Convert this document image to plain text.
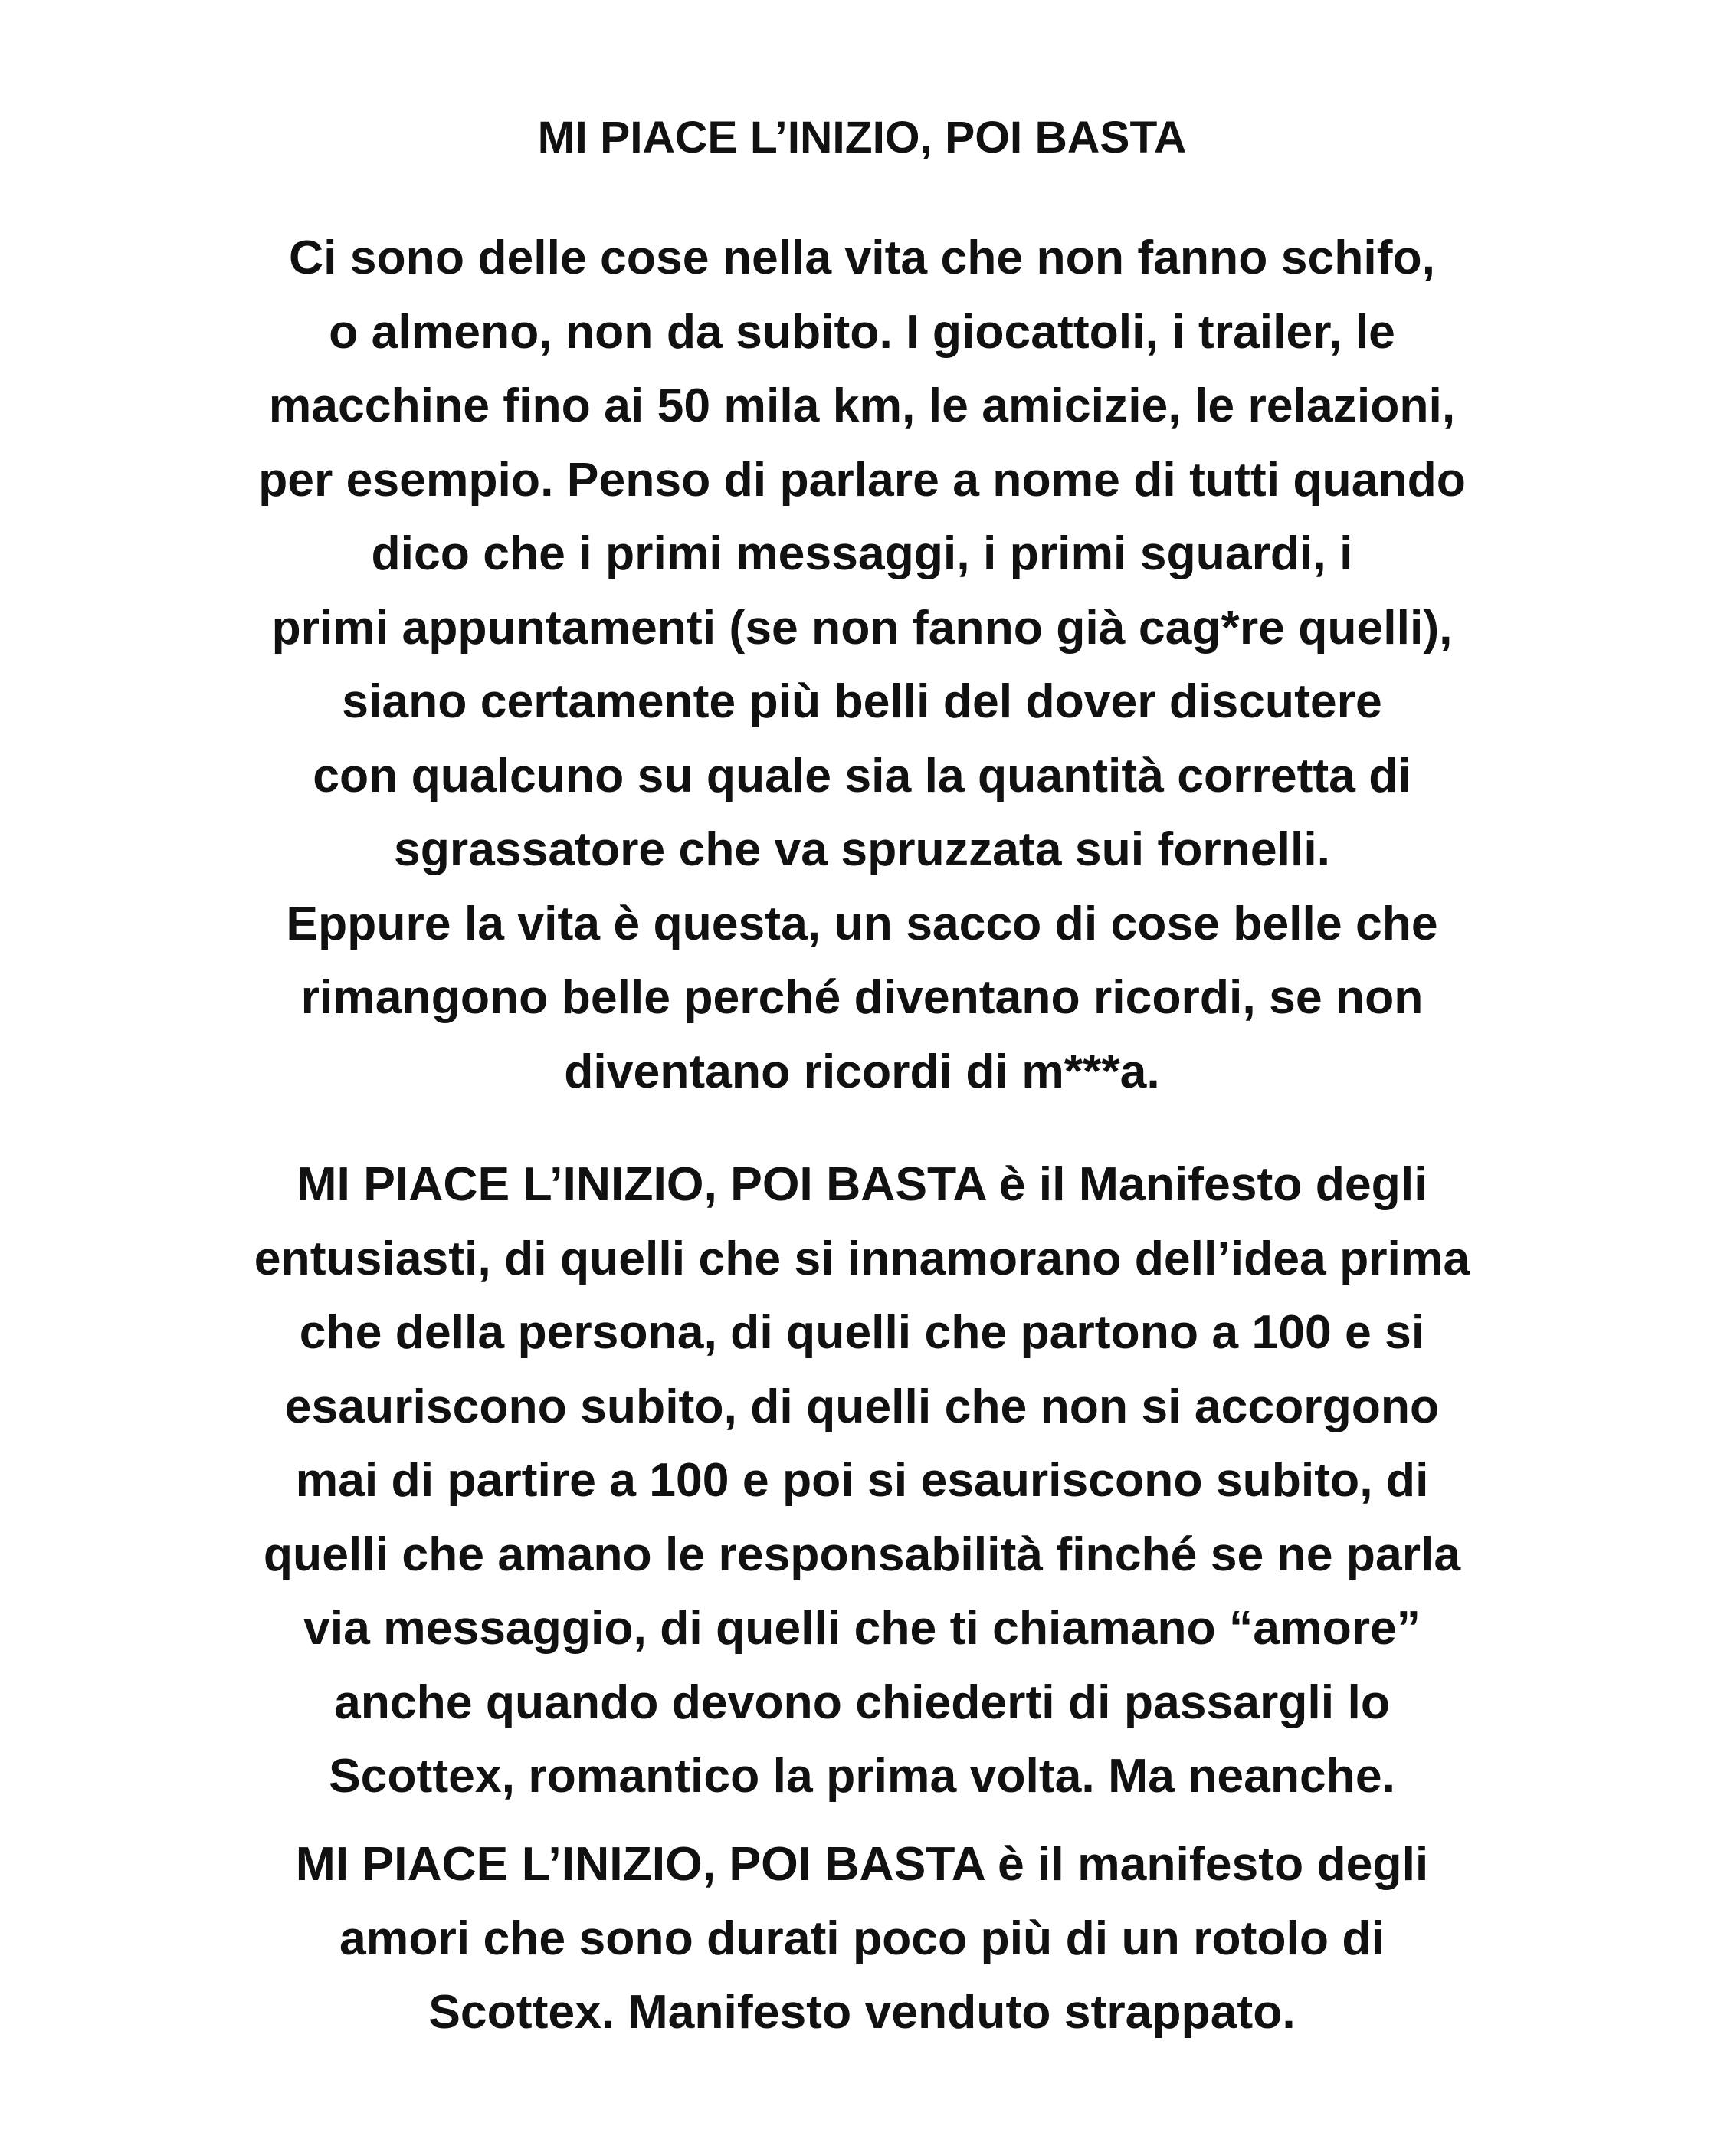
MI PIACE L’INIZIO, POI BASTA
Ci sono delle cose nella vita che non fanno schifo,
o almeno, non da subito. I giocattoli, i trailer, le
macchine fino ai 50 mila km, le amicizie, le relazioni,
per esempio. Penso di parlare a nome di tutti quando
dico che i primi messaggi, i primi sguardi, i
primi appuntamenti (se non fanno già cag*re quelli),
siano certamente più belli del dover discutere
con qualcuno su quale sia la quantità corretta di
sgrassatore che va spruzzata sui fornelli.
Eppure la vita è questa, un sacco di cose belle che
rimangono belle perché diventano ricordi, se non
diventano ricordi di m***a.
MI PIACE L’INIZIO, POI BASTA è il Manifesto degli
entusiasti, di quelli che si innamorano dell’idea prima
che della persona, di quelli che partono a 100 e si
esauriscono subito, di quelli che non si accorgono
mai di partire a 100 e poi si esauriscono subito, di
quelli che amano le responsabilità finché se ne parla
via messaggio, di quelli che ti chiamano “amore”
anche quando devono chiederti di passargli lo
Scottex, romantico la prima volta. Ma neanche.
MI PIACE L’INIZIO, POI BASTA è il manifesto degli
amori che sono durati poco più di un rotolo di
Scottex. Manifesto venduto strappato.
